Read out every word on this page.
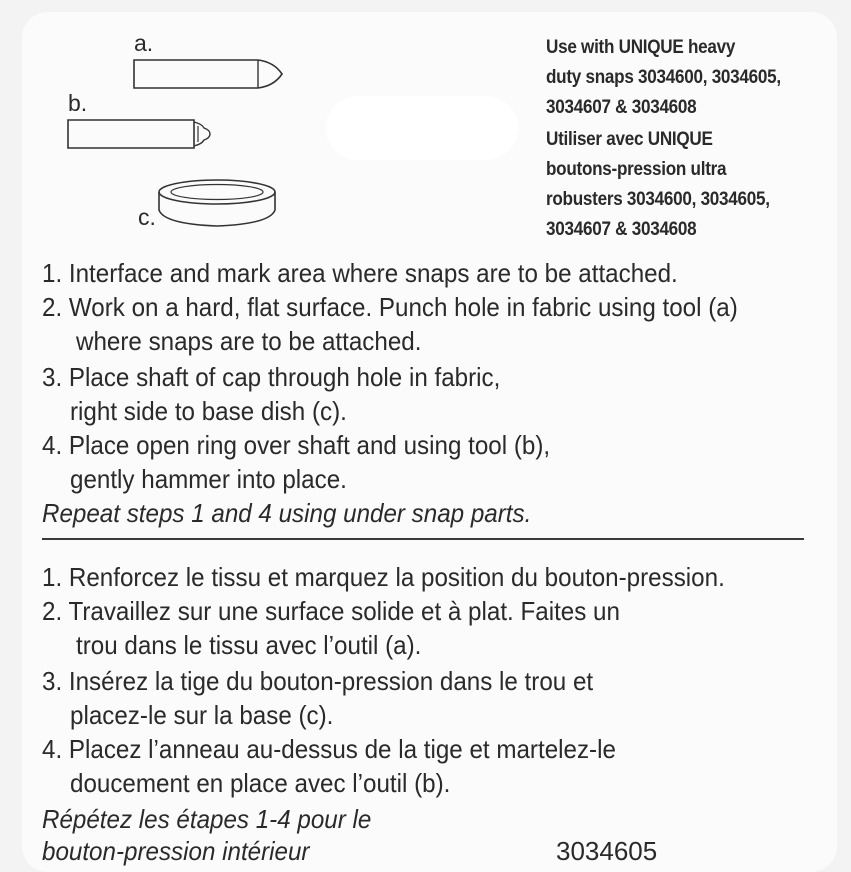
a.
b.
c.
Use with UNIQUE heavy
duty snaps 3034600, 3034605,
3034607 & 3034608
Utiliser avec UNIQUE
boutons-pression ultra
robusters 3034600, 3034605,
3034607 & 3034608
1. Interface and mark area where snaps are to be attached.
2. Work on a hard, flat surface. Punch hole in fabric using tool (a)
where snaps are to be attached.
3. Place shaft of cap through hole in fabric,
right side to base dish (c).
4. Place open ring over shaft and using tool (b),
gently hammer into place.
Repeat steps 1 and 4 using under snap parts.
1. Renforcez le tissu et marquez la position du bouton-pression.
2. Travaillez sur une surface solide et à plat. Faites un
trou dans le tissu avec l’outil (a).
3. Insérez la tige du bouton-pression dans le trou et
placez-le sur la base (c).
4. Placez l’anneau au-dessus de la tige et martelez-le
doucement en place avec l’outil (b).
Répétez les étapes 1-4 pour le
bouton-pression intérieur	3034605
